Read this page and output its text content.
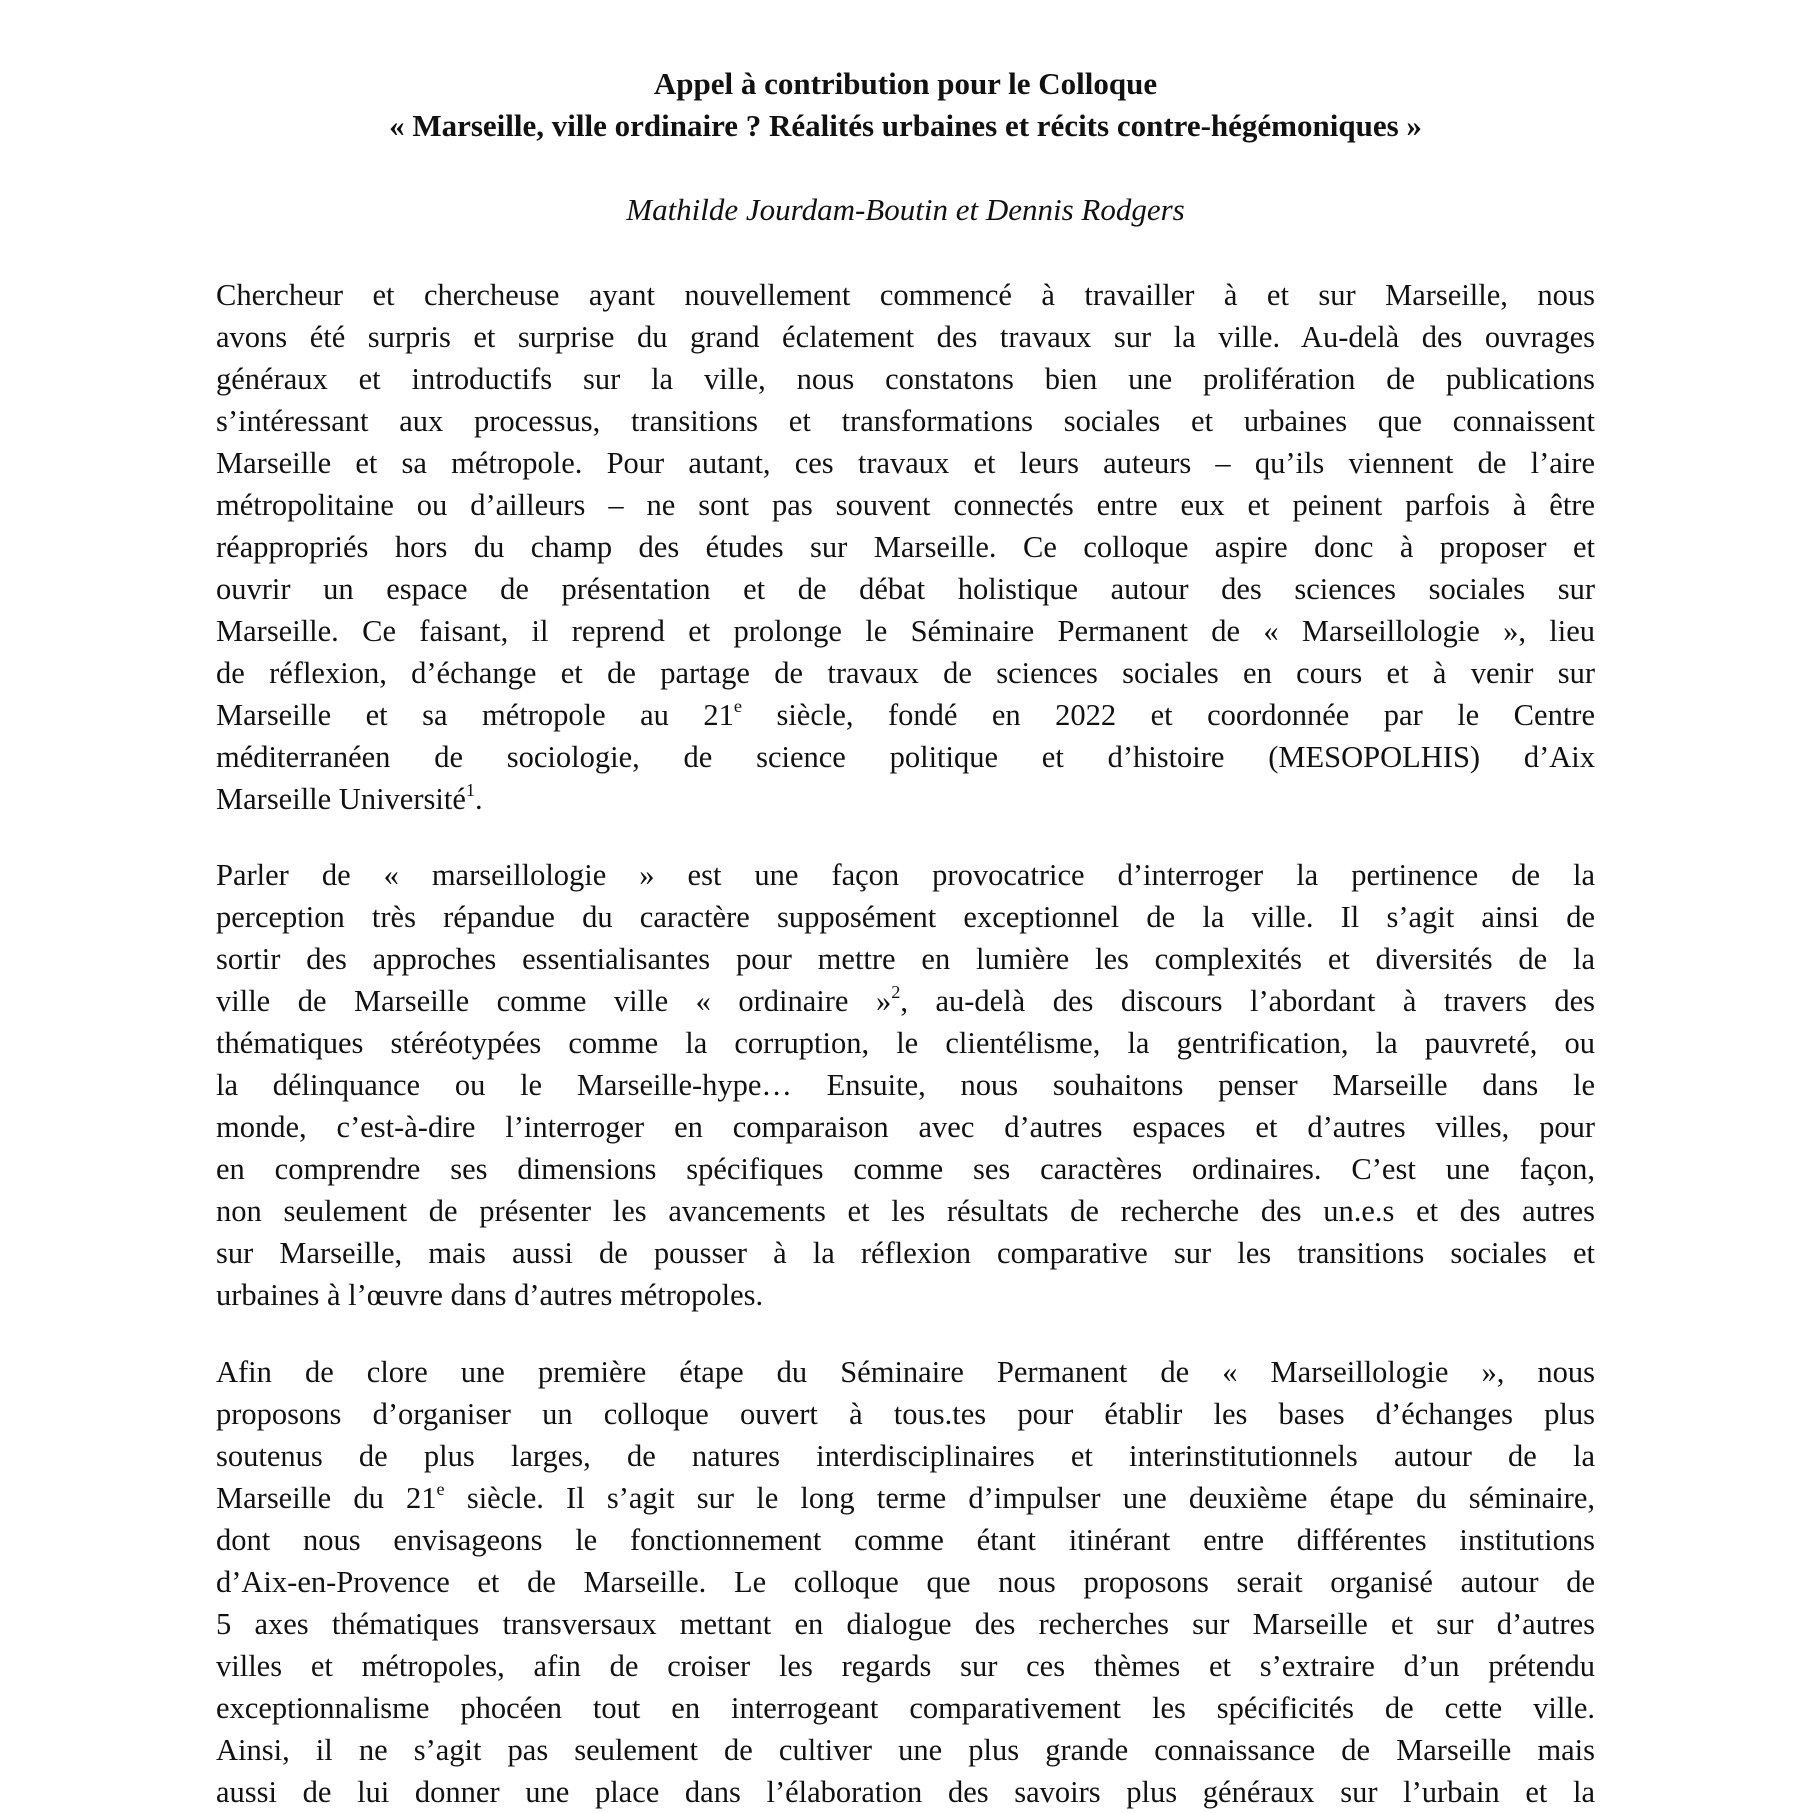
Appel à contribution pour le Colloque
« Marseille, ville ordinaire ? Réalités urbaines et récits contre-hégémoniques »
Mathilde Jourdam-Boutin et Dennis Rodgers
Chercheur et chercheuse ayant nouvellement commencé à travailler à et sur Marseille, nous
avons été surpris et surprise du grand éclatement des travaux sur la ville. Au-delà des ouvrages
généraux et introductifs sur la ville, nous constatons bien une prolifération de publications
s’intéressant aux processus, transitions et transformations sociales et urbaines que connaissent
Marseille et sa métropole. Pour autant, ces travaux et leurs auteurs – qu’ils viennent de l’aire
métropolitaine ou d’ailleurs – ne sont pas souvent connectés entre eux et peinent parfois à être
réappropriés hors du champ des études sur Marseille. Ce colloque aspire donc à proposer et
ouvrir un espace de présentation et de débat holistique autour des sciences sociales sur
Marseille. Ce faisant, il reprend et prolonge le Séminaire Permanent de « Marseillologie », lieu
de réflexion, d’échange et de partage de travaux de sciences sociales en cours et à venir sur
Marseille et sa métropole au 21e siècle, fondé en 2022 et coordonnée par le Centre
méditerranéen de sociologie, de science politique et d’histoire (MESOPOLHIS) d’Aix
Marseille Université$^1$.
Parler de « marseillologie » est une façon provocatrice d’interroger la pertinence de la
perception très répandue du caractère supposément exceptionnel de la ville. Il s’agit ainsi de
sortir des approches essentialisantes pour mettre en lumière les complexités et diversités de la
ville de Marseille comme ville « ordinaire »$^2$, au-delà des discours l’abordant à travers des
thématiques stéréotypées comme la corruption, le clientélisme, la gentrification, la pauvreté, ou
la délinquance ou le Marseille-hype… Ensuite, nous souhaitons penser Marseille dans le
monde, c’est-à-dire l’interroger en comparaison avec d’autres espaces et d’autres villes, pour
en comprendre ses dimensions spécifiques comme ses caractères ordinaires. C’est une façon,
non seulement de présenter les avancements et les résultats de recherche des un.e.s et des autres
sur Marseille, mais aussi de pousser à la réflexion comparative sur les transitions sociales et
urbaines à l’œuvre dans d’autres métropoles.
Afin de clore une première étape du Séminaire Permanent de « Marseillologie », nous
proposons d’organiser un colloque ouvert à tous.tes pour établir les bases d’échanges plus
soutenus de plus larges, de natures interdisciplinaires et interinstitutionnels autour de la
Marseille du 21e siècle. Il s’agit sur le long terme d’impulser une deuxième étape du séminaire,
dont nous envisageons le fonctionnement comme étant itinérant entre différentes institutions
d’Aix-en-Provence et de Marseille. Le colloque que nous proposons serait organisé autour de
5 axes thématiques transversaux mettant en dialogue des recherches sur Marseille et sur d’autres
villes et métropoles, afin de croiser les regards sur ces thèmes et s’extraire d’un prétendu
exceptionnalisme phocéen tout en interrogeant comparativement les spécificités de cette ville.
Ainsi, il ne s’agit pas seulement de cultiver une plus grande connaissance de Marseille mais
aussi de lui donner une place dans l’élaboration des savoirs plus généraux sur l’urbain et la
